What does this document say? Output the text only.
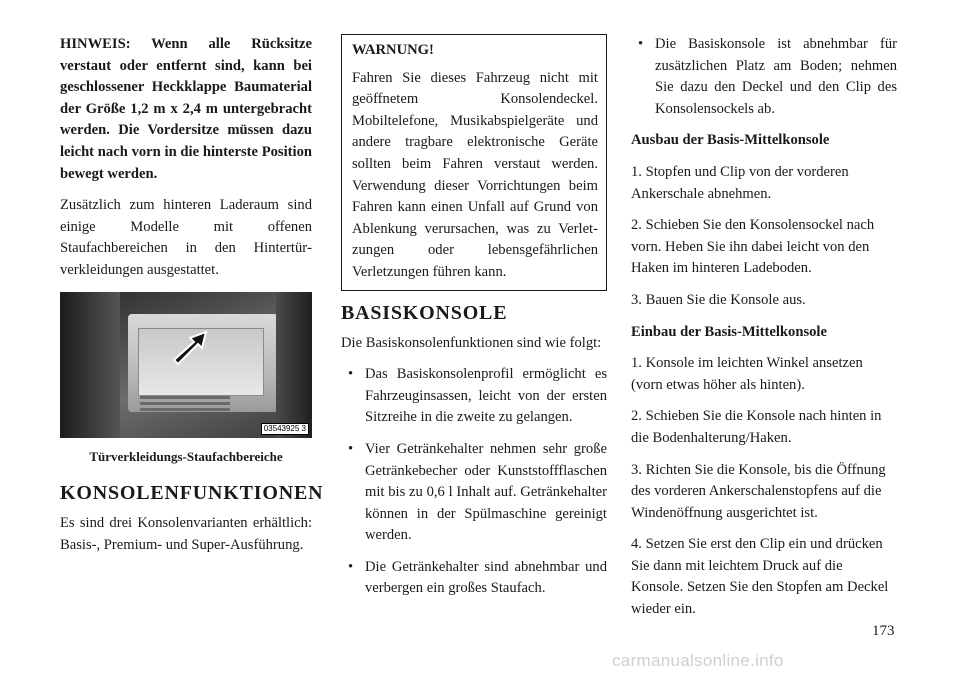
HINWEIS: Wenn alle Rücksitze verstaut oder entfernt sind, kann bei geschlossener Heckklappe Baumaterial der Größe 1,2 m x 2,4 m untergebracht werden. Die Vordersitze müssen dazu leicht nach vorn in die hinterste Position bewegt werden.

Zusätzlich zum hinteren Laderaum sind einige Modelle mit offenen Staufachbereichen in den Hintertürverkleidungen ausgestattet.

03543925 3
Türverkleidungs-Staufachbereiche
KONSOLENFUNKTIONEN

Es sind drei Konsolenvarianten erhältlich: Basis-, Premium- und Super-Ausführung.

WARNUNG!
Fahren Sie dieses Fahrzeug nicht mit geöffnetem Konsolendeckel. Mobiltelefone, Musikabspielgeräte und andere tragbare elektronische Geräte sollten beim Fahren verstaut werden. Verwendung dieser Vorrichtungen beim Fahren kann einen Unfall auf Grund von Ablenkung verursachen, was zu Verletzungen oder lebensgefährlichen Verletzungen führen kann.
BASISKONSOLE

Die Basiskonsolenfunktionen sind wie folgt:

• Das Basiskonsolenprofil ermöglicht es Fahrzeuginsassen, leicht von der ersten Sitzreihe in die zweite zu gelangen.
• Vier Getränkehalter nehmen sehr große Getränkebecher oder Kunststoffflaschen mit bis zu 0,6 l Inhalt auf. Getränkehalter können in der Spülmaschine gereinigt werden.
• Die Getränkehalter sind abnehmbar und verbergen ein großes Staufach.
• Die Basiskonsole ist abnehmbar für zusätzlichen Platz am Boden; nehmen Sie dazu den Deckel und den Clip des Konsolensockels ab.

Ausbau der Basis-Mittelkonsole

1. Stopfen und Clip von der vorderen Ankerschale abnehmen.

2. Schieben Sie den Konsolensockel nach vorn. Heben Sie ihn dabei leicht von den Haken im hinteren Ladeboden.

3. Bauen Sie die Konsole aus.

Einbau der Basis-Mittelkonsole

1. Konsole im leichten Winkel ansetzen (vorn etwas höher als hinten).

2. Schieben Sie die Konsole nach hinten in die Bodenhalterung/Haken.

3. Richten Sie die Konsole, bis die Öffnung des vorderen Ankerschalenstopfens auf die Windenöffnung ausgerichtet ist.

4. Setzen Sie erst den Clip ein und drücken Sie dann mit leichtem Druck auf die Konsole. Setzen Sie den Stopfen am Deckel wieder ein.

173
carmanualsonline.info
